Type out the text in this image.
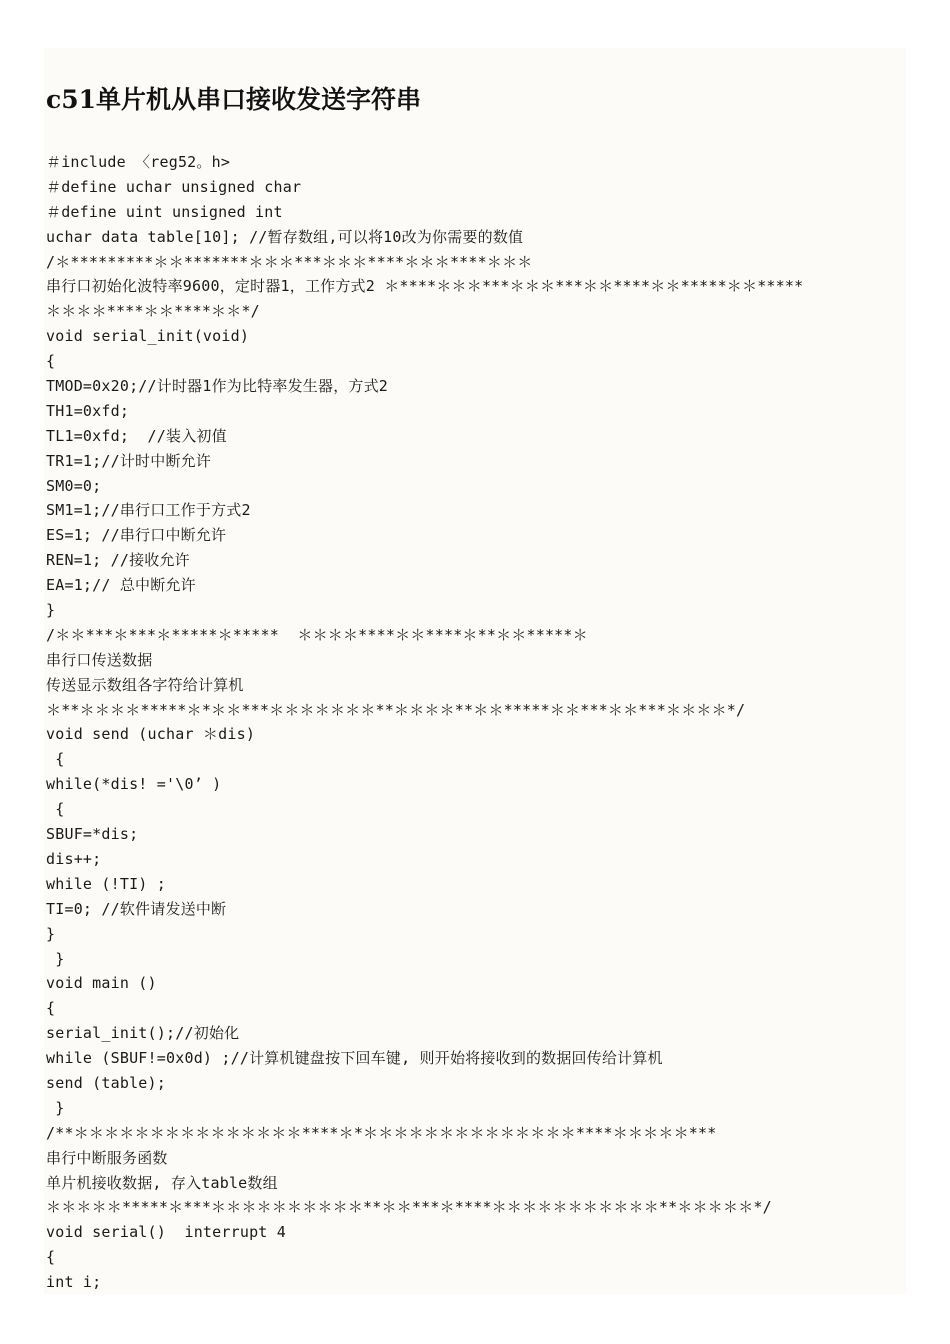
c51单片机从串口接收发送字符串
＃include 〈reg52。h>
＃define uchar unsigned char
＃define uint unsigned int
uchar data table[10]; //暂存数组,可以将10改为你需要的数值
/＊*********＊＊*******＊＊＊***＊＊＊****＊＊＊****＊＊＊
串行口初始化波特率9600，定时器1，工作方式2 ＊****＊＊＊***＊＊＊***＊＊****＊＊*****＊＊*****
＊＊＊＊****＊＊****＊＊*/
void serial_init(void)
{
TMOD=0x20;//计时器1作为比特率发生器，方式2
TH1=0xfd;
TL1=0xfd;  //装入初值
TR1=1;//计时中断允许
SM0=0;
SM1=1;//串行口工作于方式2
ES=1; //串行口中断允许
REN=1; //接收允许
EA=1;// 总中断允许
}
/＊＊***＊***＊*****＊*****  ＊＊＊＊****＊＊****＊**＊＊*****＊
串行口传送数据
传送显示数组各字符给计算机
＊**＊＊＊＊*****＊*＊＊***＊＊＊＊＊＊＊**＊＊＊＊**＊＊*****＊＊***＊＊***＊＊＊＊*/
void send (uchar ＊dis)
{
while(*dis! ='\0’ )
{
SBUF=*dis;
dis++;
while (!TI) ;
TI=0; //软件请发送中断
}
}
void main ()
{
serial_init();//初始化
while (SBUF!=0x0d) ;//计算机键盘按下回车键, 则开始将接收到的数据回传给计算机
send (table);
}
/**＊＊＊＊＊＊＊＊＊＊＊＊＊＊＊****＊*＊＊＊＊＊＊＊＊＊＊＊＊＊＊****＊＊＊＊＊***
串行中断服务函数
单片机接收数据, 存入table数组
＊＊＊＊＊*****＊***＊＊＊＊＊＊＊＊＊＊**＊＊***＊****＊＊＊＊＊＊＊＊＊＊＊**＊＊＊＊＊*/
void serial()  interrupt 4
{
int i;
